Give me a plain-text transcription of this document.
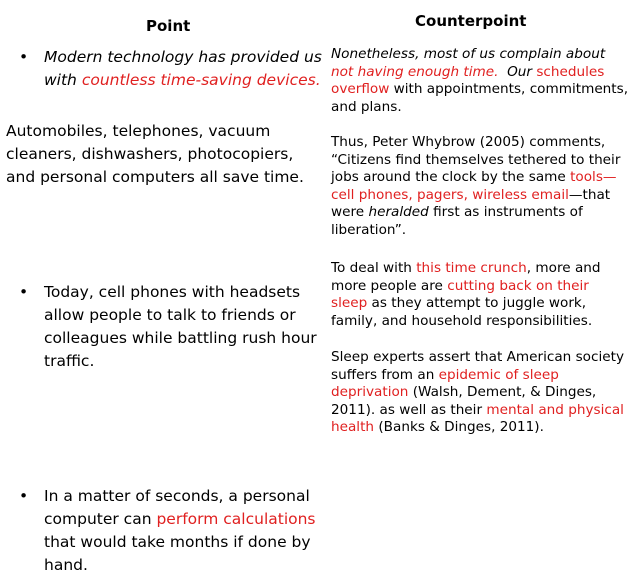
Point	Counterpoint
• Modern technology has provided us with countless time-saving devices.
Automobiles, telephones, vacuum cleaners, dishwashers, photocopiers, and personal computers all save time.
• Today, cell phones with headsets allow people to talk to friends or colleagues while battling rush hour traffic.
• In a matter of seconds, a personal computer can perform calculations that would take months if done by hand.
Nonetheless, most of us complain about not having enough time.  Our schedules overflow with appointments, commitments, and plans.
Thus, Peter Whybrow (2005) comments, “Citizens find themselves tethered to their jobs around the clock by the same tools— cell phones, pagers, wireless email—that were heralded first as instruments of liberation”.
To deal with this time crunch, more and more people are cutting back on their sleep as they attempt to juggle work, family, and household responsibilities.
Sleep experts assert that American society suffers from an epidemic of sleep deprivation (Walsh, Dement, & Dinges, 2011). as well as their mental and physical health (Banks & Dinges, 2011).
